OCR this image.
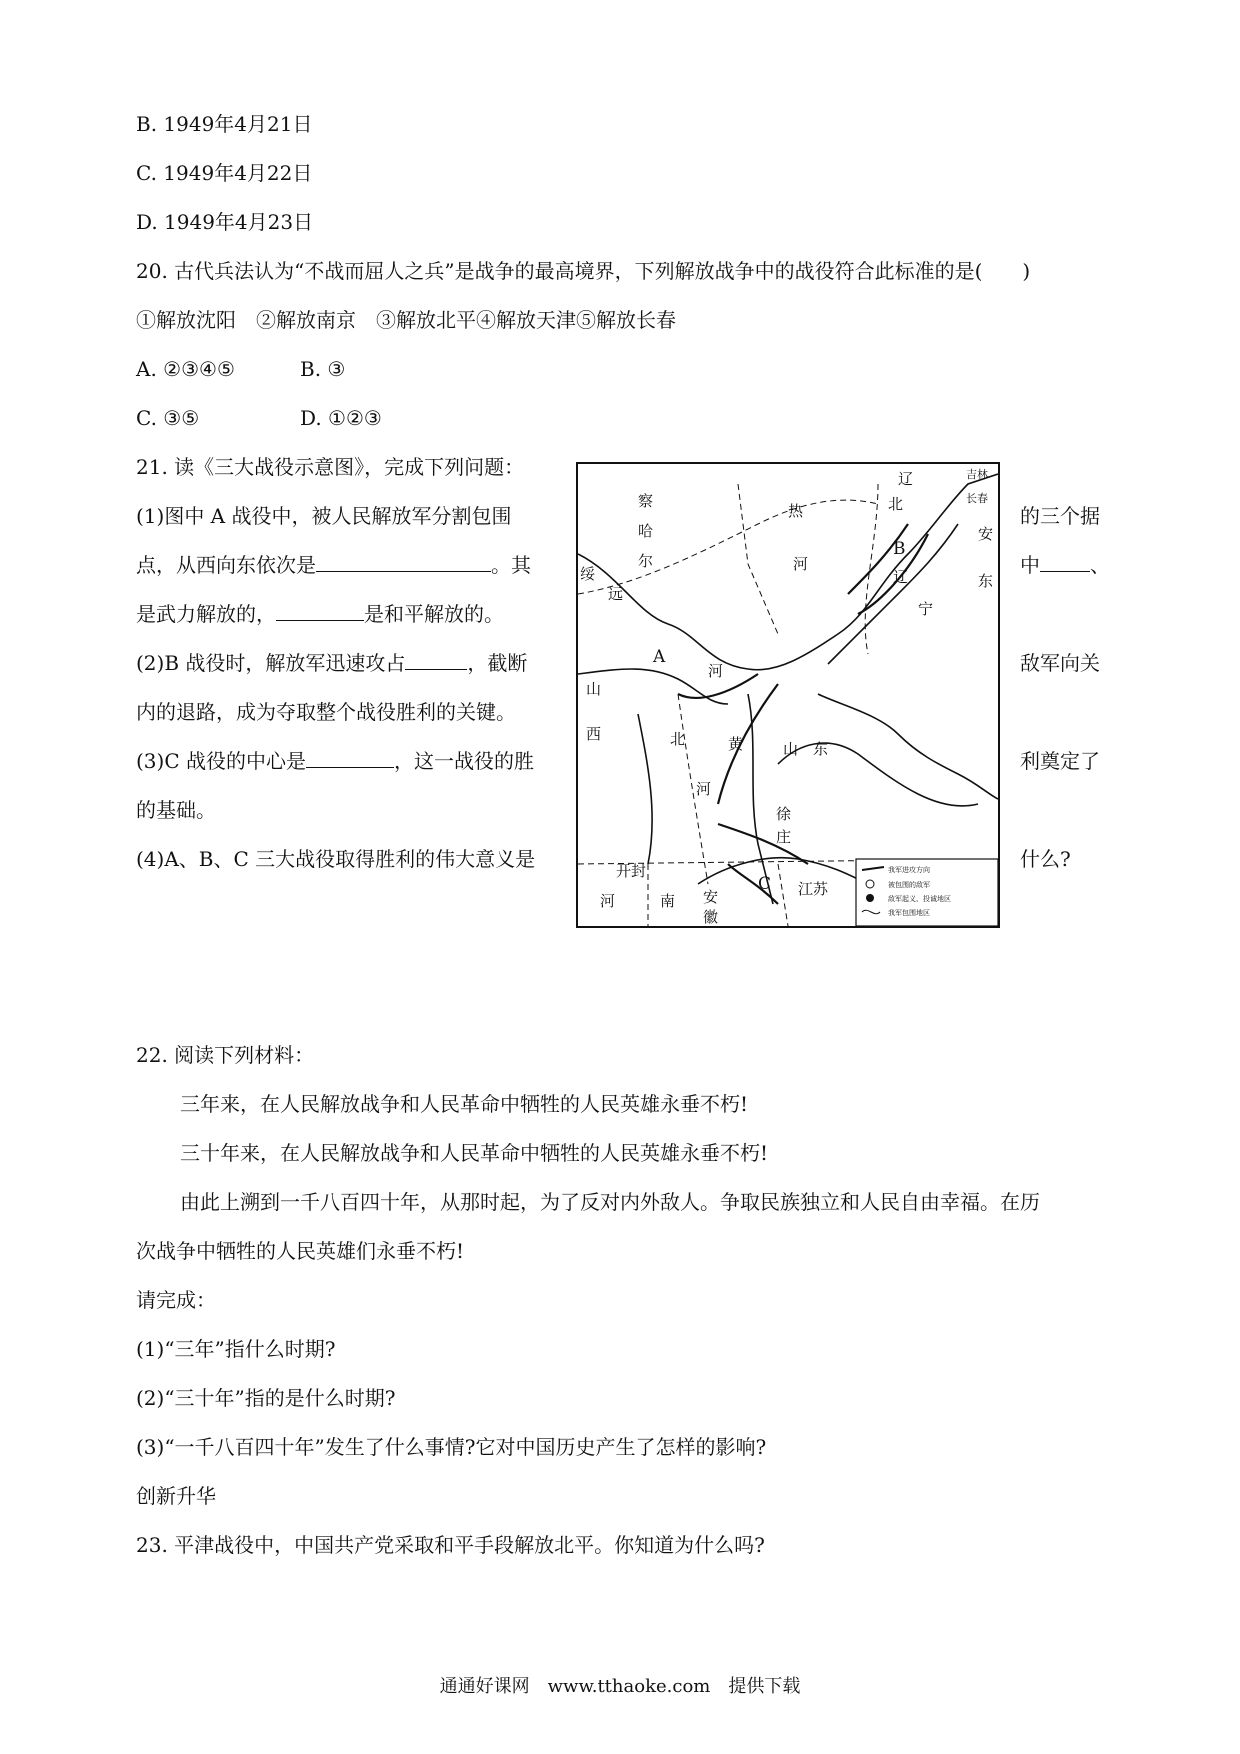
B. 1949年4月21日
C. 1949年4月22日
D. 1949年4月23日
20. 古代兵法认为“不战而屈人之兵”是战争的最高境界，下列解放战争中的战役符合此标准的是(　　)
①解放沈阳　②解放南京　③解放北平④解放天津⑤解放长春
A. ②③④⑤	B. ③
C. ③⑤	D. ①②③
21. 读《三大战役示意图》，完成下列问题：
(1)图中 A 战役中，被人民解放军分割包围	的三个据
点，从西向东依次是	。其	中	、
是武力解放的，	是和平解放的。
(2)B 战役时，解放军迅速攻占	，截断	敌军向关
内的退路，成为夺取整个战役胜利的关键。
(3)C 战役的中心是	，这一战役的胜	利奠定了
的基础。
(4)A、B、C 三大战役取得胜利的伟大意义是	什么?
我军进攻方向
被包围的敌军
敌军起义、投诚地区
我军包围地区
察
哈
尔
热
河
辽
北
吉林
长春
安
东
辽
宁
绥
远
山
西	北
河
河
黄	山　东
徐
庄
开封
河	南 安
徽
江苏
A
B
C
22. 阅读下列材料：
三年来，在人民解放战争和人民革命中牺牲的人民英雄永垂不朽!
三十年来，在人民解放战争和人民革命中牺牲的人民英雄永垂不朽!
由此上溯到一千八百四十年，从那时起，为了反对内外敌人。争取民族独立和人民自由幸福。在历
次战争中牺牲的人民英雄们永垂不朽!
请完成：
(1)“三年”指什么时期?
(2)“三十年”指的是什么时期?
(3)“一千八百四十年”发生了什么事情?它对中国历史产生了怎样的影响?
创新升华
23. 平津战役中，中国共产党采取和平手段解放北平。你知道为什么吗?
通通好课网　www.tthaoke.com　提供下载
